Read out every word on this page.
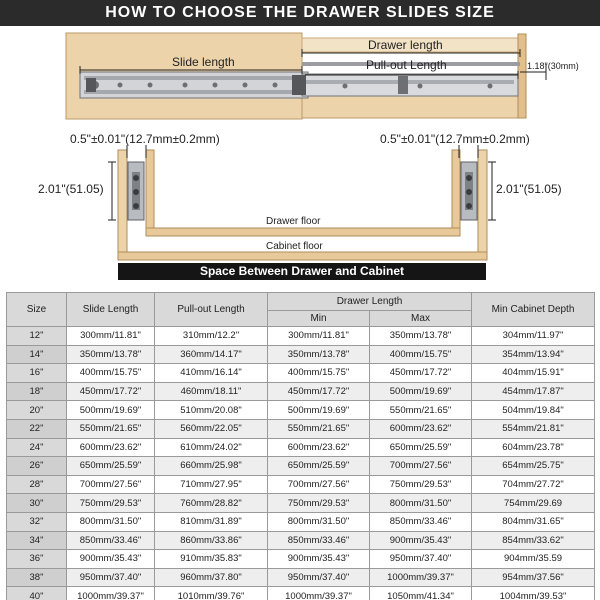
HOW TO CHOOSE THE DRAWER SLIDES SIZE
Slide length
Drawer length
Pull-out Length	1.18"(30mm)
0.5"±0.01"(12.7mm±0.2mm)	0.5"±0.01"(12.7mm±0.2mm)
2.01"(51.05)	2.01"(51.05)
Drawer floor
Cabinet floor
Space Between Drawer and Cabinet
Size	Slide Length	Pull-out Length	Drawer Length		Min Cabinet Depth
			Min	Max	
12"	300mm/11.81"	310mm/12.2"	300mm/11.81"	350mm/13.78"	304mm/11.97"
14"	350mm/13.78"	360mm/14.17"	350mm/13.78"	400mm/15.75"	354mm/13.94"
16"	400mm/15.75"	410mm/16.14"	400mm/15.75"	450mm/17.72"	404mm/15.91"
18"	450mm/17.72"	460mm/18.11"	450mm/17.72"	500mm/19.69"	454mm/17.87"
20"	500mm/19.69"	510mm/20.08"	500mm/19.69"	550mm/21.65"	504mm/19.84"
22"	550mm/21.65"	560mm/22.05"	550mm/21.65"	600mm/23.62"	554mm/21.81"
24"	600mm/23.62"	610mm/24.02"	600mm/23.62"	650mm/25.59"	604mm/23.78"
26"	650mm/25.59"	660mm/25.98"	650mm/25.59"	700mm/27.56"	654mm/25.75"
28"	700mm/27.56"	710mm/27.95"	700mm/27.56"	750mm/29.53"	704mm/27.72"
30"	750mm/29.53"	760mm/28.82"	750mm/29.53"	800mm/31.50"	754mm/29.69
32"	800mm/31.50"	810mm/31.89"	800mm/31.50"	850mm/33.46"	804mm/31.65"
34"	850mm/33.46"	860mm/33.86"	850mm/33.46"	900mm/35.43"	854mm/33.62"
36"	900mm/35.43"	910mm/35.83"	900mm/35.43"	950mm/37.40"	904mm/35.59
38"	950mm/37.40"	960mm/37.80"	950mm/37.40"	1000mm/39.37"	954mm/37.56"
40"	1000mm/39.37"	1010mm/39.76"	1000mm/39.37"	1050mm/41.34"	1004mm/39.53"
